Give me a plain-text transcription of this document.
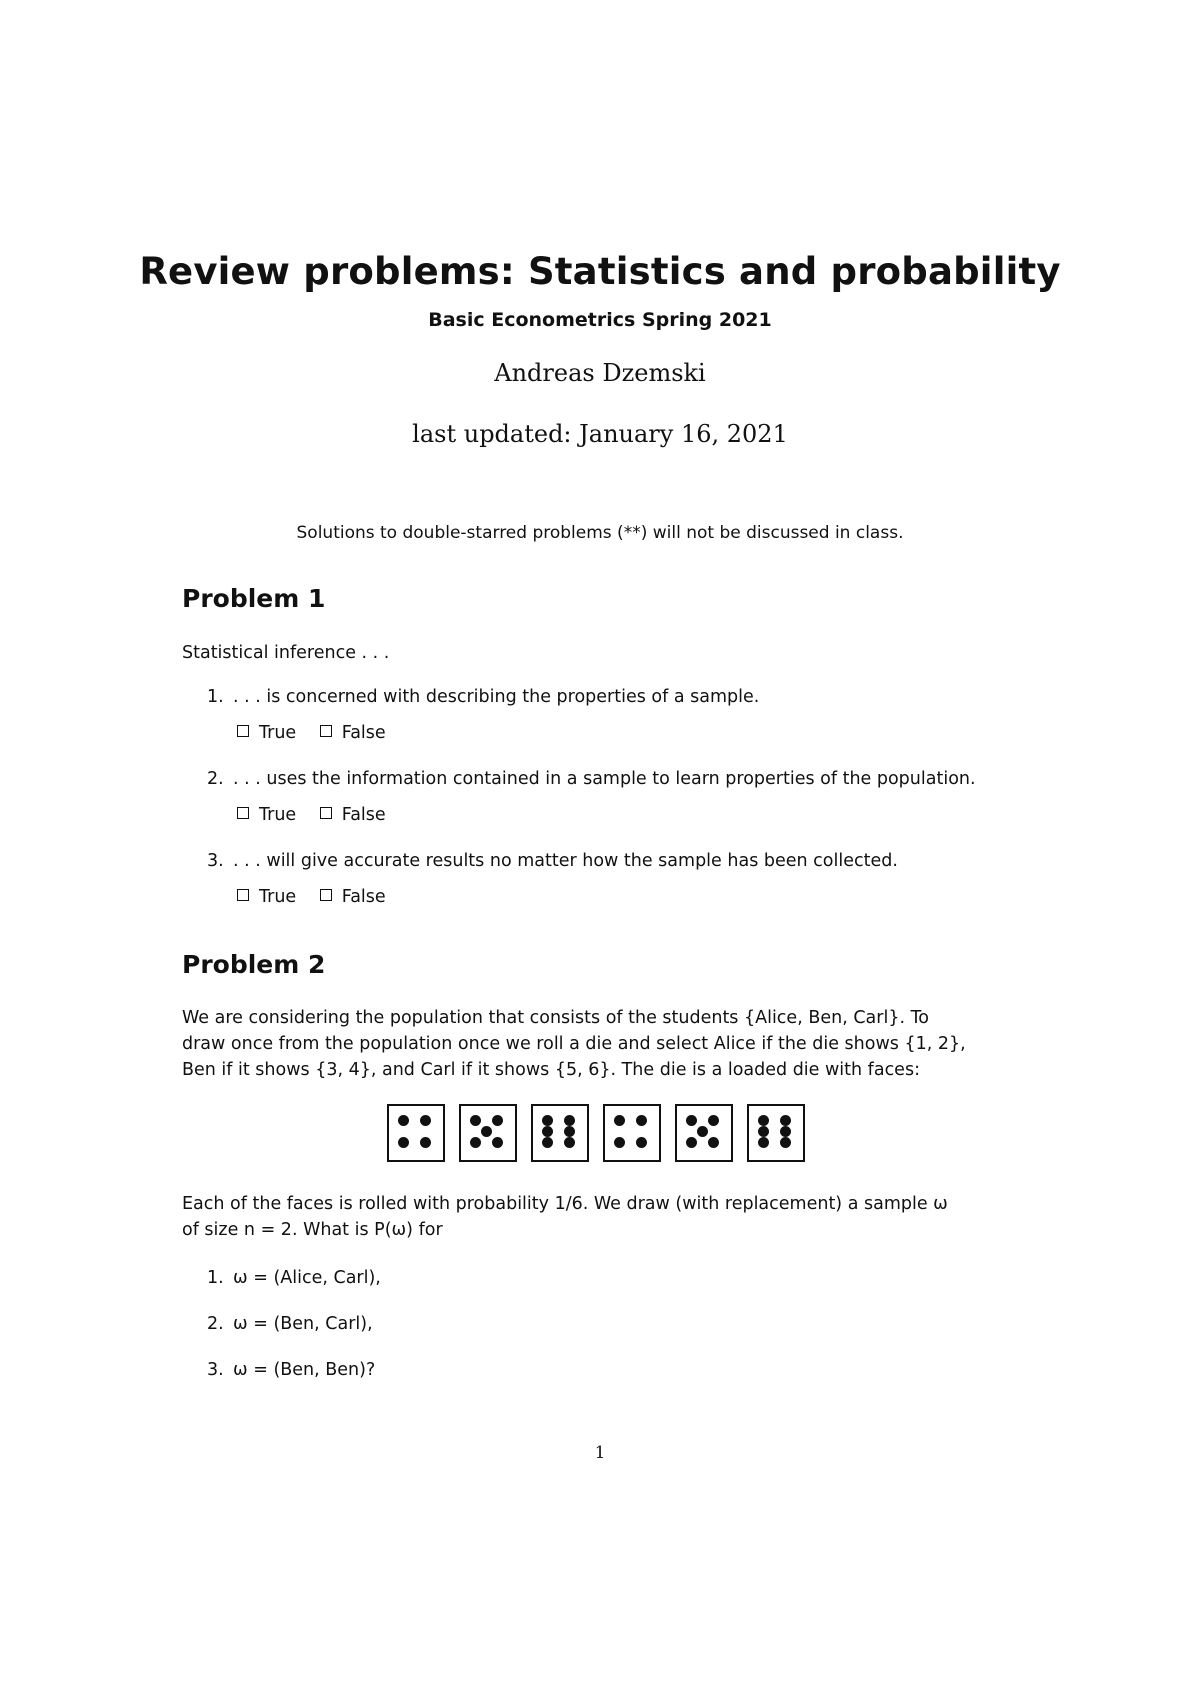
Review problems: Statistics and probability
Basic Econometrics Spring 2021
Andreas Dzemski
last updated: January 16, 2021
Solutions to double-starred problems (**) will not be discussed in class.
Problem 1
Statistical inference . . .
1. . . . is concerned with describing the properties of a sample.
True	False
2. . . . uses the information contained in a sample to learn properties of the population.
True	False
3. . . . will give accurate results no matter how the sample has been collected.
True	False
Problem 2
We are considering the population that consists of the students {Alice, Ben, Carl}. To
draw once from the population once we roll a die and select Alice if the die shows {1, 2},
Ben if it shows {3, 4}, and Carl if it shows {5, 6}. The die is a loaded die with faces:
Each of the faces is rolled with probability 1/6. We draw (with replacement) a sample ω
of size n = 2. What is P(ω) for
1. ω = (Alice, Carl),
2. ω = (Ben, Carl),
3. ω = (Ben, Ben)?
1
